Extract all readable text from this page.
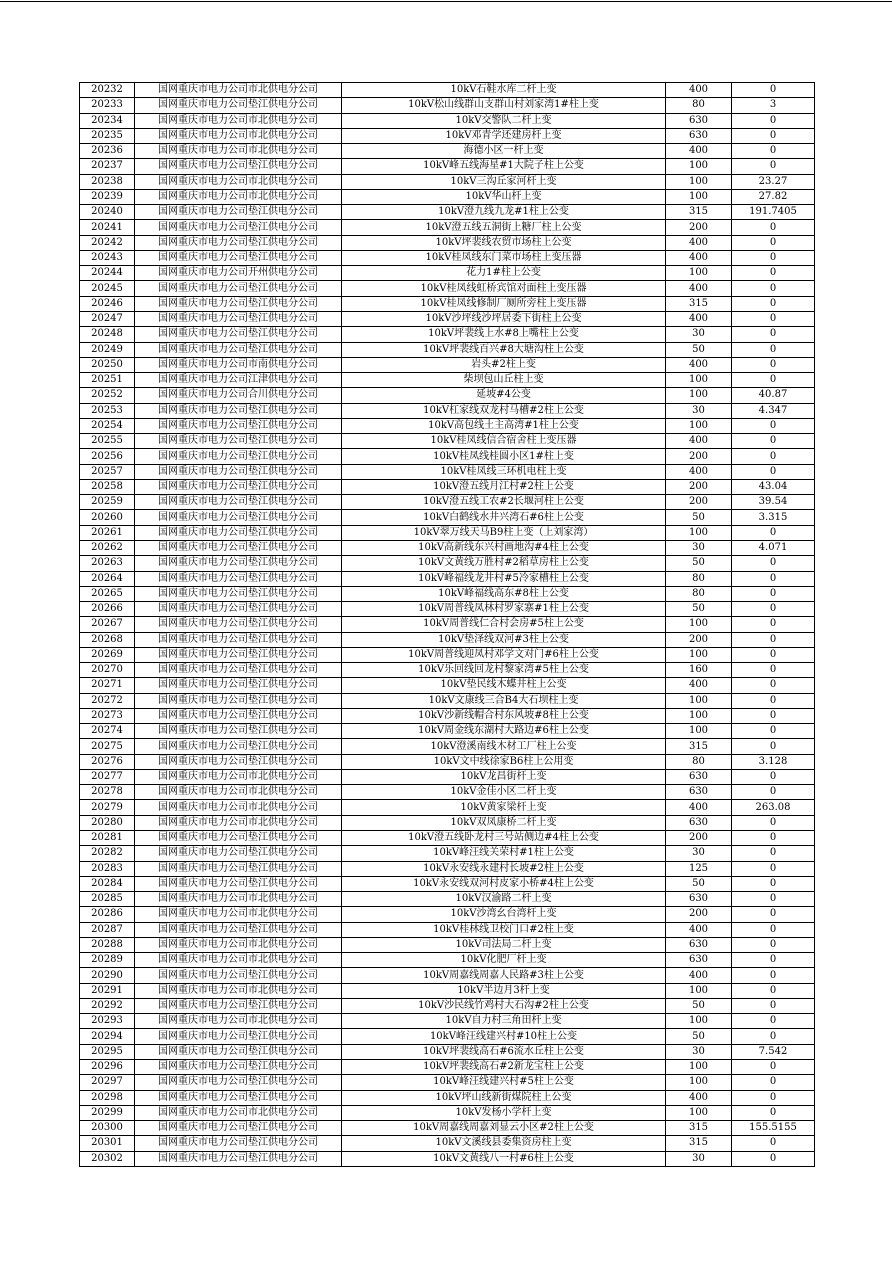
20232	国网重庆市电力公司市北供电分公司	10kV石鞋水库二杆上变	400	0
20233	国网重庆市电力公司垫江供电分公司	10kV松山线群山支群山村刘家湾1#柱上变	80	3
20234	国网重庆市电力公司市北供电分公司	10kV交警队二杆上变	630	0
20235	国网重庆市电力公司市北供电分公司	10kV邓青学还建房杆上变	630	0
20236	国网重庆市电力公司市北供电分公司	海德小区一杆上变	400	0
20237	国网重庆市电力公司垫江供电分公司	10kV峰五线海星#1大院子柱上公变	100	0
20238	国网重庆市电力公司市北供电分公司	10kV三沟丘家河杆上变	100	23.27
20239	国网重庆市电力公司市北供电分公司	10kV华山杆上变	100	27.82
20240	国网重庆市电力公司垫江供电分公司	10kV澄九线九龙#1柱上公变	315	191.7405
20241	国网重庆市电力公司垫江供电分公司	10kV澄五线五洞街上糖厂柱上公变	200	0
20242	国网重庆市电力公司垫江供电分公司	10kV坪裴线农贸市场柱上公变	400	0
20243	国网重庆市电力公司垫江供电分公司	10kV桂凤线东门菜市场柱上变压器	400	0
20244	国网重庆市电力公司开州供电分公司	花力1#柱上公变	100	0
20245	国网重庆市电力公司垫江供电分公司	10kV桂凤线虹桥宾馆对面柱上变压器	400	0
20246	国网重庆市电力公司垫江供电分公司	10kV桂凤线修制厂厕所旁柱上变压器	315	0
20247	国网重庆市电力公司垫江供电分公司	10kV沙坪线沙坪居委下街柱上公变	400	0
20248	国网重庆市电力公司垫江供电分公司	10kV坪裴线上水#8上嘴柱上公变	30	0
20249	国网重庆市电力公司垫江供电分公司	10kV坪裴线百兴#8大塘沟柱上公变	50	0
20250	国网重庆市电力公司市南供电分公司	岩头#2柱上变	400	0
20251	国网重庆市电力公司江津供电分公司	柴坝包山丘柱上变	100	0
20252	国网重庆市电力公司合川供电分公司	延坡#4公变	100	40.87
20253	国网重庆市电力公司垫江供电分公司	10kV杠家线双龙村马槽#2柱上公变	30	4.347
20254	国网重庆市电力公司垫江供电分公司	10kV高包线土主高湾#1柱上公变	100	0
20255	国网重庆市电力公司垫江供电分公司	10kV桂凤线信合宿舍柱上变压器	400	0
20256	国网重庆市电力公司垫江供电分公司	10kV桂凤线桂圆小区1#柱上变	200	0
20257	国网重庆市电力公司垫江供电分公司	10kV桂凤线三环机电柱上变	400	0
20258	国网重庆市电力公司垫江供电分公司	10kV澄五线月江村#2柱上公变	200	43.04
20259	国网重庆市电力公司垫江供电分公司	10kV澄五线工农#2长堰河柱上公变	200	39.54
20260	国网重庆市电力公司垫江供电分公司	10kV白鹤线水井兴湾石#6柱上公变	50	3.315
20261	国网重庆市电力公司垫江供电分公司	10kV翠万线天马B9柱上变（上刘家湾）	100	0
20262	国网重庆市电力公司垫江供电分公司	10kV高新线东兴村画地沟#4柱上公变	30	4.071
20263	国网重庆市电力公司垫江供电分公司	10kV文黄线万胜村#2稻草房柱上公变	50	0
20264	国网重庆市电力公司垫江供电分公司	10kV峰福线龙井村#5冷家槽柱上公变	80	0
20265	国网重庆市电力公司垫江供电分公司	10kV峰福线高东#8柱上公变	80	0
20266	国网重庆市电力公司垫江供电分公司	10kV周普线凤林村罗家寨#1柱上公变	50	0
20267	国网重庆市电力公司垫江供电分公司	10kV周普线仁合村会房#5柱上公变	100	0
20268	国网重庆市电力公司垫江供电分公司	10kV垫泽线双河#3柱上公变	200	0
20269	国网重庆市电力公司垫江供电分公司	10kV周普线迎凤村邓学文对门#6柱上公变	100	0
20270	国网重庆市电力公司垫江供电分公司	10kV乐回线回龙村黎家湾#5柱上公变	160	0
20271	国网重庆市电力公司垫江供电分公司	10kV垫民线木蝶井柱上公变	400	0
20272	国网重庆市电力公司垫江供电分公司	10kV文康线三合B4大石坝柱上变	100	0
20273	国网重庆市电力公司垫江供电分公司	10kV沙新线帽合村东风坡#8柱上公变	100	0
20274	国网重庆市电力公司垫江供电分公司	10kV周金线东湖村大路边#6柱上公变	100	0
20275	国网重庆市电力公司垫江供电分公司	10kV澄溪南线木材工厂柱上公变	315	0
20276	国网重庆市电力公司垫江供电分公司	10kV文中线徐家B6柱上公用变	80	3.128
20277	国网重庆市电力公司市北供电分公司	10kV龙昌街杆上变	630	0
20278	国网重庆市电力公司市北供电分公司	10kV金佳小区二杆上变	630	0
20279	国网重庆市电力公司市北供电分公司	10kV黄家梁杆上变	400	263.08
20280	国网重庆市电力公司市北供电分公司	10kV双凤康桥二杆上变	630	0
20281	国网重庆市电力公司垫江供电分公司	10kV澄五线卧龙村三号站侧边#4柱上公变	200	0
20282	国网重庆市电力公司垫江供电分公司	10kV峰汪线关荣村#1柱上公变	30	0
20283	国网重庆市电力公司垫江供电分公司	10kV永安线永建村长坡#2柱上公变	125	0
20284	国网重庆市电力公司垫江供电分公司	10kV永安线双河村皮家小桥#4柱上公变	50	0
20285	国网重庆市电力公司市北供电分公司	10kV汉渝路二杆上变	630	0
20286	国网重庆市电力公司市北供电分公司	10kV沙湾幺台湾杆上变	200	0
20287	国网重庆市电力公司垫江供电分公司	10kV桂林线卫校门口#2柱上变	400	0
20288	国网重庆市电力公司市北供电分公司	10kV司法局二杆上变	630	0
20289	国网重庆市电力公司市北供电分公司	10kV化肥厂杆上变	630	0
20290	国网重庆市电力公司垫江供电分公司	10kV周嘉线周嘉人民路#3柱上公变	400	0
20291	国网重庆市电力公司市北供电分公司	10kV半边月3杆上变	100	0
20292	国网重庆市电力公司垫江供电分公司	10kV沙民线竹鸡村大石沟#2柱上公变	50	0
20293	国网重庆市电力公司市北供电分公司	10kV自力村三角田杆上变	100	0
20294	国网重庆市电力公司垫江供电分公司	10kV峰汪线建兴村#10柱上公变	50	0
20295	国网重庆市电力公司垫江供电分公司	10kV坪裴线高石#6流水丘柱上公变	30	7.542
20296	国网重庆市电力公司垫江供电分公司	10kV坪裴线高石#2新龙宝柱上公变	100	0
20297	国网重庆市电力公司垫江供电分公司	10kV峰汪线建兴村#5柱上公变	100	0
20298	国网重庆市电力公司垫江供电分公司	10kV坪山线新街煤院柱上公变	400	0
20299	国网重庆市电力公司市北供电分公司	10kV发杨小学杆上变	100	0
20300	国网重庆市电力公司垫江供电分公司	10kV周嘉线周嘉刘显云小区#2柱上公变	315	155.5155
20301	国网重庆市电力公司垫江供电分公司	10kV文溪线县委集资房柱上变	315	0
20302	国网重庆市电力公司垫江供电分公司	10kV文黄线八一村#6柱上公变	30	0
